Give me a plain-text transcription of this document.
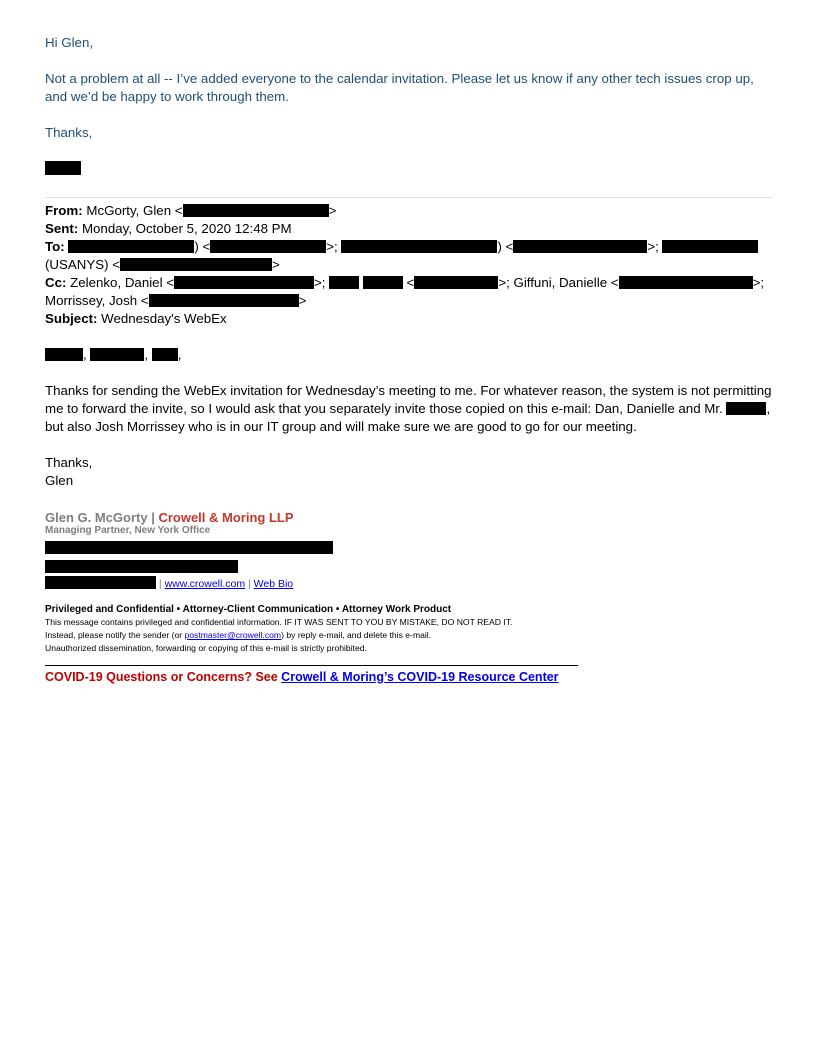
Hi Glen,

Not a problem at all -- I’ve added everyone to the calendar invitation. Please let us know if any other tech issues crop up, and we’d be happy to work through them.

Thanks,

From: McGorty, Glen <	>
Sent: Monday, October 5, 2020 12:48 PM
To:	) <	>;	) <	>;
(USANYS) <	>
Cc: Zelenko, Daniel <	>;	<	>; Giffuni, Danielle <	>;
Morrissey, Josh <	>
Subject: Wednesday's WebEx

,	, ,

Thanks for sending the WebEx invitation for Wednesday’s meeting to me. For whatever reason, the system is not permitting me to forward the invite, so I would ask that you separately invite those copied on this e-mail: Dan, Danielle and Mr.	, but also Josh Morrissey who is in our IT group and will make sure we are good to go for our meeting.

Thanks,

Glen

Glen G. McGorty | Crowell & Moring LLP
Managing Partner, New York Office
| www.crowell.com | Web Bio
Privileged and Confidential • Attorney-Client Communication • Attorney Work Product
This message contains privileged and confidential information. IF IT WAS SENT TO YOU BY MISTAKE, DO NOT READ IT.
Instead, please notify the sender (or postmaster@crowell.com) by reply e-mail, and delete this e-mail.
Unauthorized dissemination, forwarding or copying of this e-mail is strictly prohibited.
COVID-19 Questions or Concerns? See Crowell & Moring’s COVID-19 Resource Center
